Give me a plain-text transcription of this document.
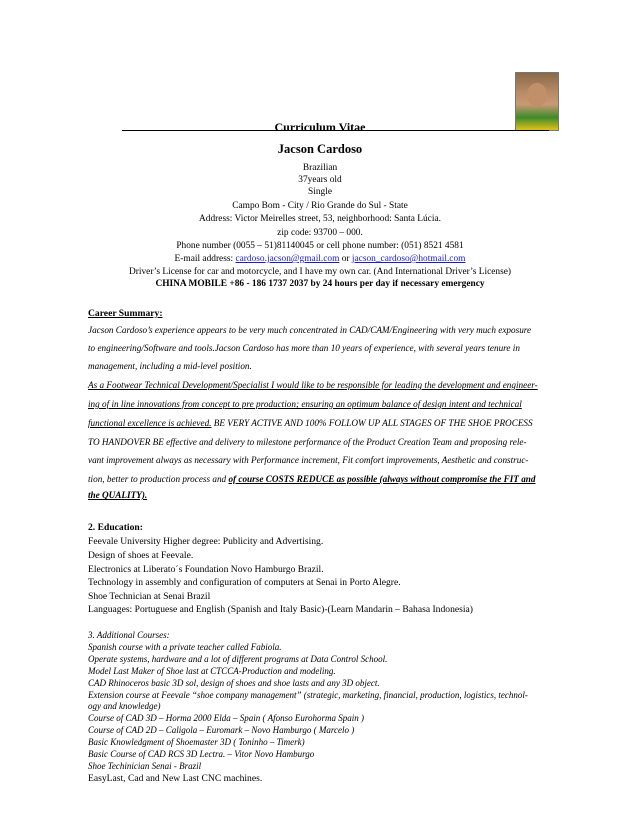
Curriculum Vitae
Jacson Cardoso
Brazilian
37years old
Single
Campo Bom - City / Rio Grande do Sul - State
Address: Victor Meirelles street, 53, neighborhood: Santa Lúcia.
zip code: 93700 – 000.
Phone number (0055 – 51)81140045 or cell phone number: (051) 8521 4581
E-mail address: cardoso.jacson@gmail.com or jacson_cardoso@hotmail.com
Driver’s License for car and motorcycle, and I have my own car. (And International Driver’s License)
CHINA MOBILE +86 - 186 1737 2037 by 24 hours per day if necessary emergency
Career Summary:
Jacson Cardoso’s experience appears to be very much concentrated in CAD/CAM/Engineering with very much exposure
to engineering/Software and tools.Jacson Cardoso has more than 10 years of experience, with several years tenure in
management, including a mid-level position.
As a Footwear Technical Development/Specialist I would like to be responsible for leading the development and engineer-
ing of in line innovations from concept to pre production; ensuring an optimum balance of design intent and technical
functional excellence is achieved. BE VERY ACTIVE AND 100% FOLLOW UP ALL STAGES OF THE SHOE PROCESS
TO HANDOVER BE effective and delivery to milestone performance of the Product Creation Team and proposing rele-
vant improvement always as necessary with Performance increment, Fit comfort improvements, Aesthetic and construc-
tion, better to production process and of course COSTS REDUCE as possible (always without compromise the FIT and
the QUALITY).
2. Education:
Feevale University Higher degree: Publicity and Advertising.
Design of shoes at Feevale.
Electronics at Liberato´s Foundation Novo Hamburgo Brazil.
Technology in assembly and configuration of computers at Senai in Porto Alegre.
Shoe Technician at Senai Brazil
Languages: Portuguese and English (Spanish and Italy Basic)-(Learn Mandarin – Bahasa Indonesia)
3. Additional Courses:
Spanish course with a private teacher called Fabiola.
Operate systems, hardware and a lot of different programs at Data Control School.
Model Last Maker of Shoe last at CTCCA-Production and modeling.
CAD Rhinoceros basic 3D sol, design of shoes and shoe lasts and any 3D object.
Extension course at Feevale “shoe company management” (strategic, marketing, financial, production, logistics, technol-
ogy and knowledge)
Course of CAD 3D – Horma 2000 Elda – Spain ( Afonso Eurohorma Spain )
Course of CAD 2D – Caligola – Euromark – Novo Hamburgo ( Marcelo )
Basic Knowledgment of Shoemaster 3D ( Toninho – Timerk)
Basic Course of CAD RCS 3D Lectra. – Vitor Novo Hamburgo
Shoe Techinician Senai - Brazil
EasyLast, Cad and New Last CNC machines.
